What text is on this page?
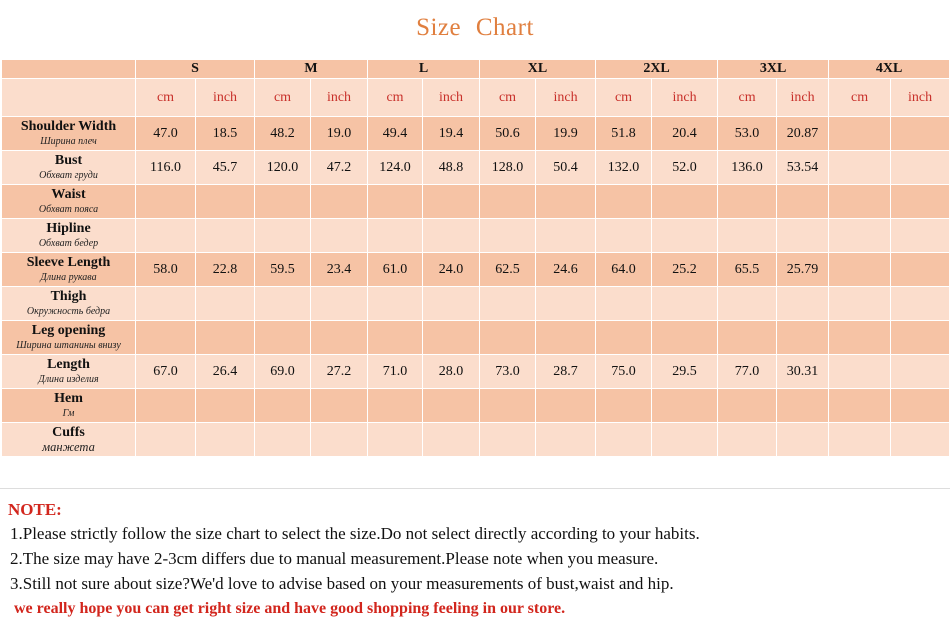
Size Chart
	S		M		L		XL		2XL		3XL		4XL	
	cm	inch	cm	inch	cm	inch	cm	inch	cm	inch	cm	inch	cm	inch

Shoulder Width
Ширина плеч	47.0	18.5	48.2	19.0	49.4	19.4	50.6	19.9	51.8	20.4	53.0	20.87		

Bust
Обхват груди	116.0	45.7	120.0	47.2	124.0	48.8	128.0	50.4	132.0	52.0	136.0	53.54		

Waist
Обхват пояса														

Hipline
Обхват бедер														

Sleeve Length
Длина рукава	58.0	22.8	59.5	23.4	61.0	24.0	62.5	24.6	64.0	25.2	65.5	25.79		

Thigh
Окружность бедра														

Leg opening
Ширина штанины внизу														

Length
Длина изделия	67.0	26.4	69.0	27.2	71.0	28.0	73.0	28.7	75.0	29.5	77.0	30.31		

Hem
Гм														

Cuffs
манжета														

NOTE:
1.Please strictly follow the size chart to select the size.Do not select directly according to your habits.
2.The size may have 2-3cm differs due to manual measurement.Please note when you measure.
3.Still not sure about size?We'd love to advise based on your measurements of bust,waist and hip.
we really hope you can get right size and have good shopping feeling in our store.
